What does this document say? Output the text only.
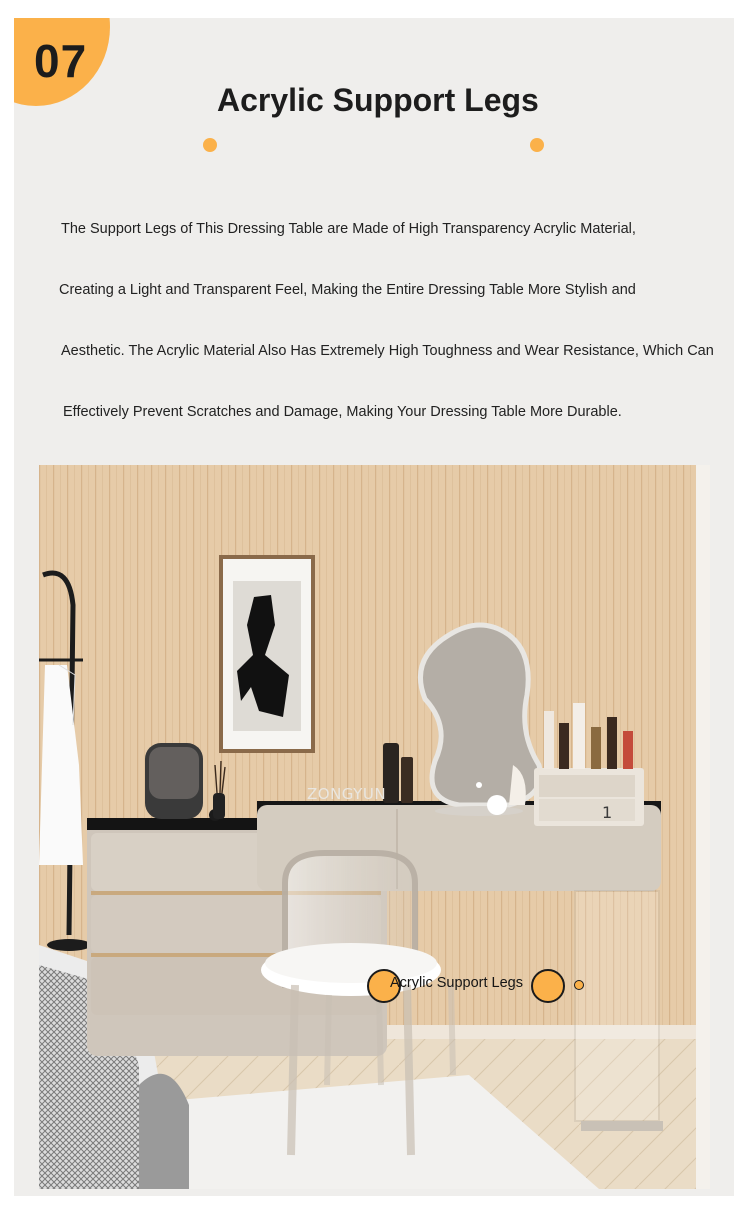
07
Acrylic Support Legs
The Support Legs of This Dressing Table are Made of High Transparency Acrylic Material,
Creating a Light and Transparent Feel, Making the Entire Dressing Table More Stylish and
Aesthetic. The Acrylic Material Also Has Extremely High Toughness and Wear Resistance, Which Can
Effectively Prevent Scratches and Damage, Making Your Dressing Table More Durable.
ZONGYUN
1
Acrylic Support Legs
